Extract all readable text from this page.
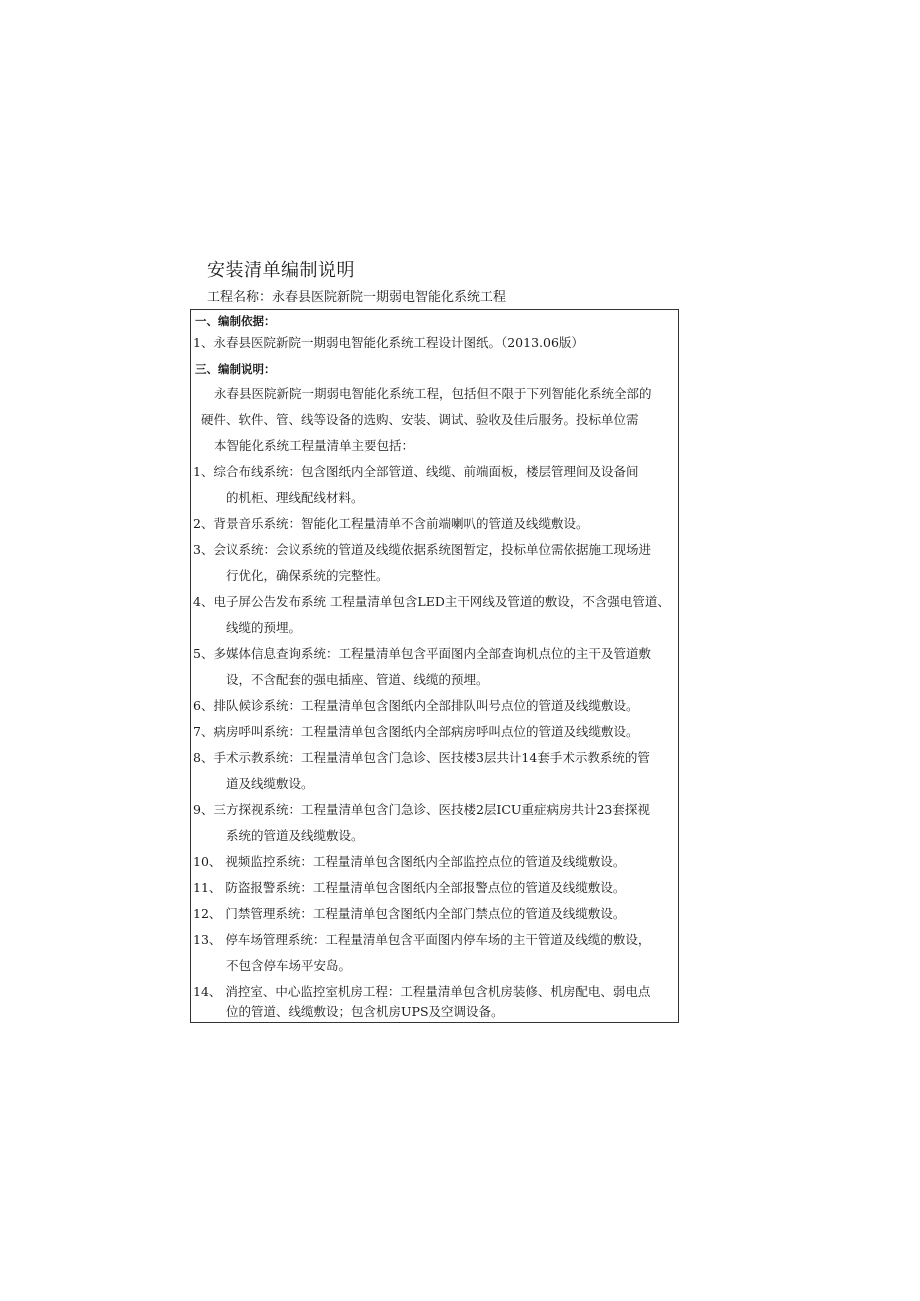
安装清单编制说明
工程名称：永春县医院新院一期弱电智能化系统工程
一、编制依据：
1、永春县医院新院一期弱电智能化系统工程设计图纸。（2013.06版）
三、编制说明：
永春县医院新院一期弱电智能化系统工程，包括但不限于下列智能化系统全部的
硬件、软件、管、线等设备的选购、安装、调试、验收及佳后服务。投标单位需
本智能化系统工程量清单主要包括：
1、综合布线系统：包含图纸内全部管道、线缆、前端面板，楼层管理间及设备间
的机柜、理线配线材料。
2、背景音乐系统：智能化工程量清单不含前端喇叭的管道及线缆敷设。
3、会议系统：会议系统的管道及线缆依据系统图暂定，投标单位需依据施工现场进
行优化，确保系统的完整性。
4、电子屏公告发布系统 工程量清单包含LED主干网线及管道的敷设，不含强电管道、
线缆的预埋。
5、多媒体信息查询系统：工程量清单包含平面图内全部查询机点位的主干及管道敷
设，不含配套的强电插座、管道、线缆的预埋。
6、排队候诊系统：工程量清单包含图纸内全部排队叫号点位的管道及线缆敷设。
7、病房呼叫系统：工程量清单包含图纸内全部病房呼叫点位的管道及线缆敷设。
8、手术示教系统：工程量清单包含门急诊、医技楼3层共计14套手术示教系统的管
道及线缆敷设。
9、三方探视系统：工程量清单包含门急诊、医技楼2层ICU重症病房共计23套探视
系统的管道及线缆敷设。
10、 视频监控系统：工程量清单包含图纸内全部监控点位的管道及线缆敷设。
11、 防盗报警系统：工程量清单包含图纸内全部报警点位的管道及线缆敷设。
12、 门禁管理系统：工程量清单包含图纸内全部门禁点位的管道及线缆敷设。
13、 停车场管理系统：工程量清单包含平面图内停车场的主干管道及线缆的敷设，
不包含停车场平安岛。
14、 消控室、中心监控室机房工程：工程量清单包含机房装修、机房配电、弱电点
位的管道、线缆敷设；包含机房UPS及空调设备。
